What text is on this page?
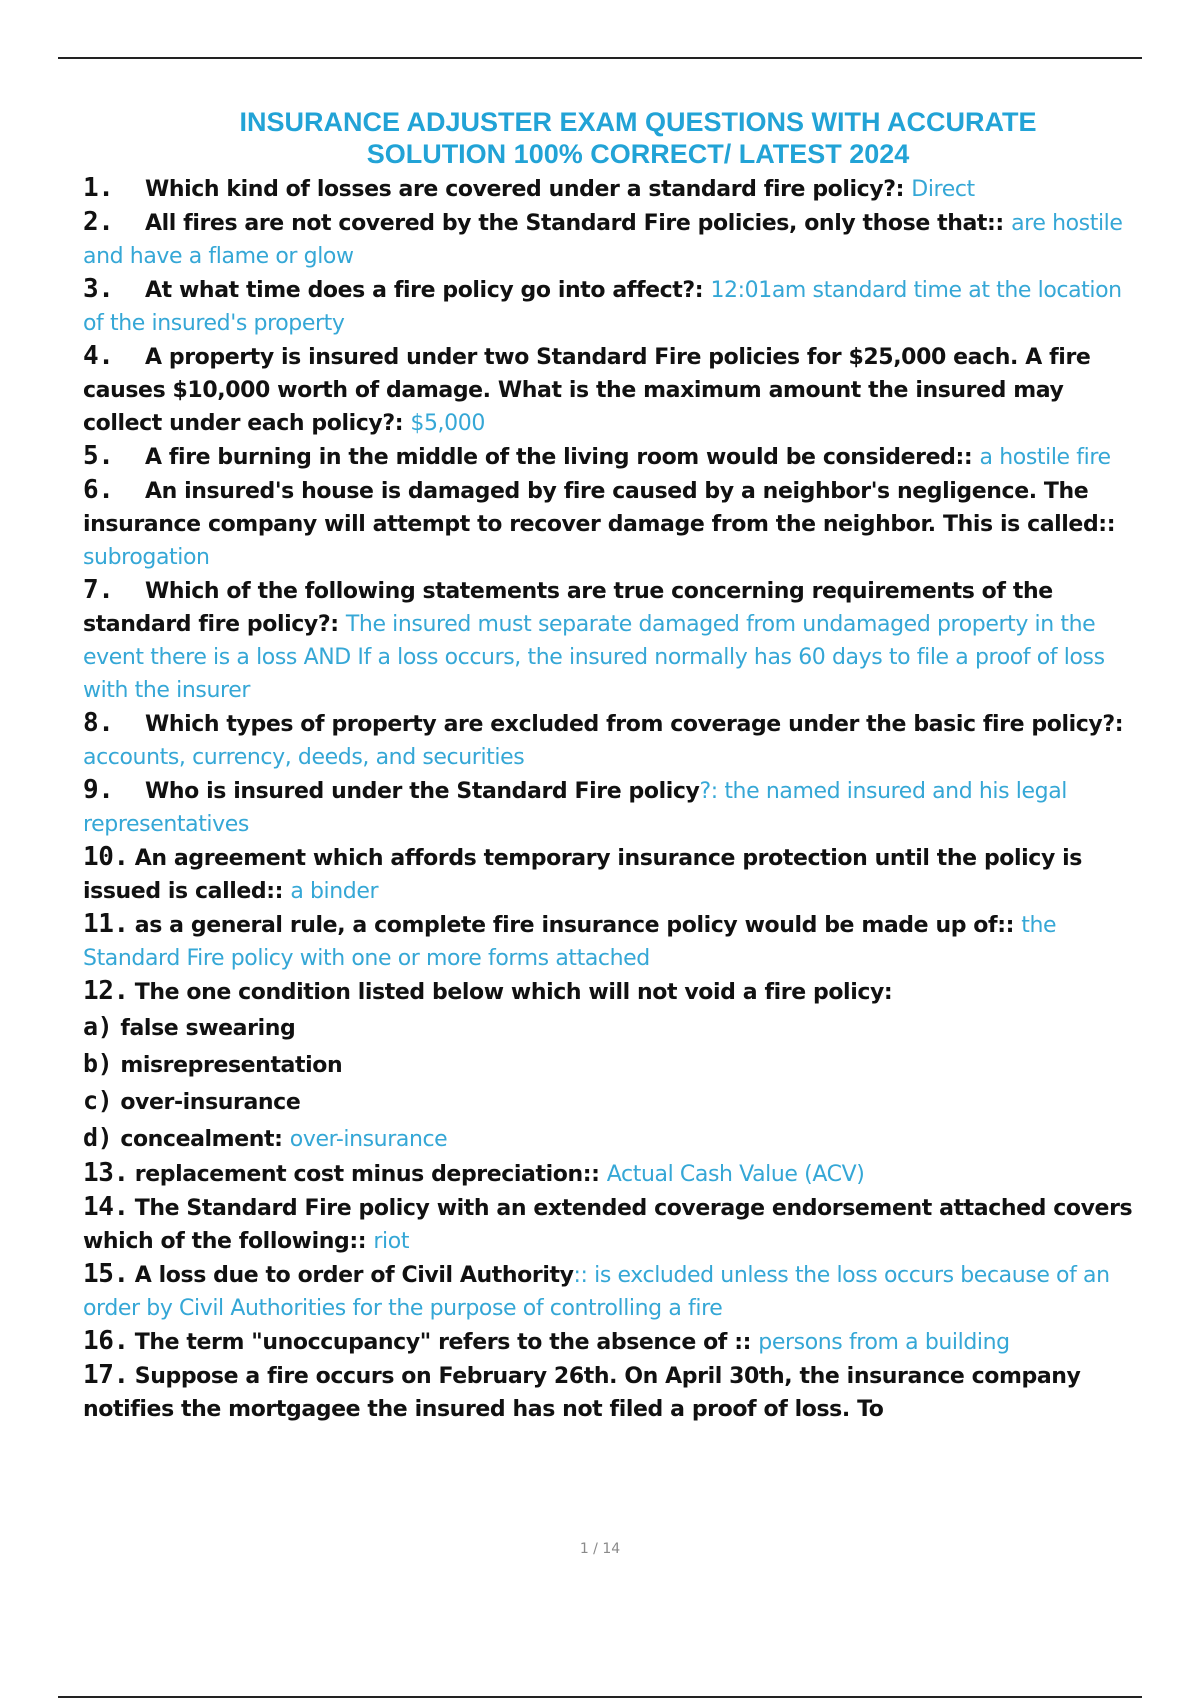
INSURANCE ADJUSTER EXAM QUESTIONS WITH ACCURATE
SOLUTION 100% CORRECT/ LATEST 2024

1. Which kind of losses are covered under a standard fire policy?: Direct

2. All fires are not covered by the Standard Fire policies, only those that:: are hostile and have a flame or glow

3. At what time does a fire policy go into affect?: 12:01am standard time at the location of the insured's property

4. A property is insured under two Standard Fire policies for $25,000 each. A fire causes $10,000 worth of damage. What is the maximum amount the insured may collect under each policy?: $5,000

5. A fire burning in the middle of the living room would be considered:: a hostile fire

6. An insured's house is damaged by fire caused by a neighbor's negligence. The insurance company will attempt to recover damage from the neighbor. This is called:: subrogation

7. Which of the following statements are true concerning requirements of the standard fire policy?: The insured must separate damaged from undamaged property in the event there is a loss AND If a loss occurs, the insured normally has 60 days to file a proof of loss with the insurer

8. Which types of property are excluded from coverage under the basic fire policy?: accounts, currency, deeds, and securities

9. Who is insured under the Standard Fire policy?: the named insured and his legal representatives

10. An agreement which affords temporary insurance protection until the policy is issued is called:: a binder

11. as a general rule, a complete fire insurance policy would be made up of:: the Standard Fire policy with one or more forms attached

12. The one condition listed below which will not void a fire policy:

a) false swearing

b) misrepresentation

c) over-insurance

d) concealment: over-insurance

13. replacement cost minus depreciation:: Actual Cash Value (ACV)

14. The Standard Fire policy with an extended coverage endorsement attached covers which of the following:: riot

15. A loss due to order of Civil Authority:: is excluded unless the loss occurs because of an order by Civil Authorities for the purpose of controlling a fire

16. The term "unoccupancy" refers to the absence of :: persons from a building

17. Suppose a fire occurs on February 26th. On April 30th, the insurance company notifies the mortgagee the insured has not filed a proof of loss. To

1 / 14
